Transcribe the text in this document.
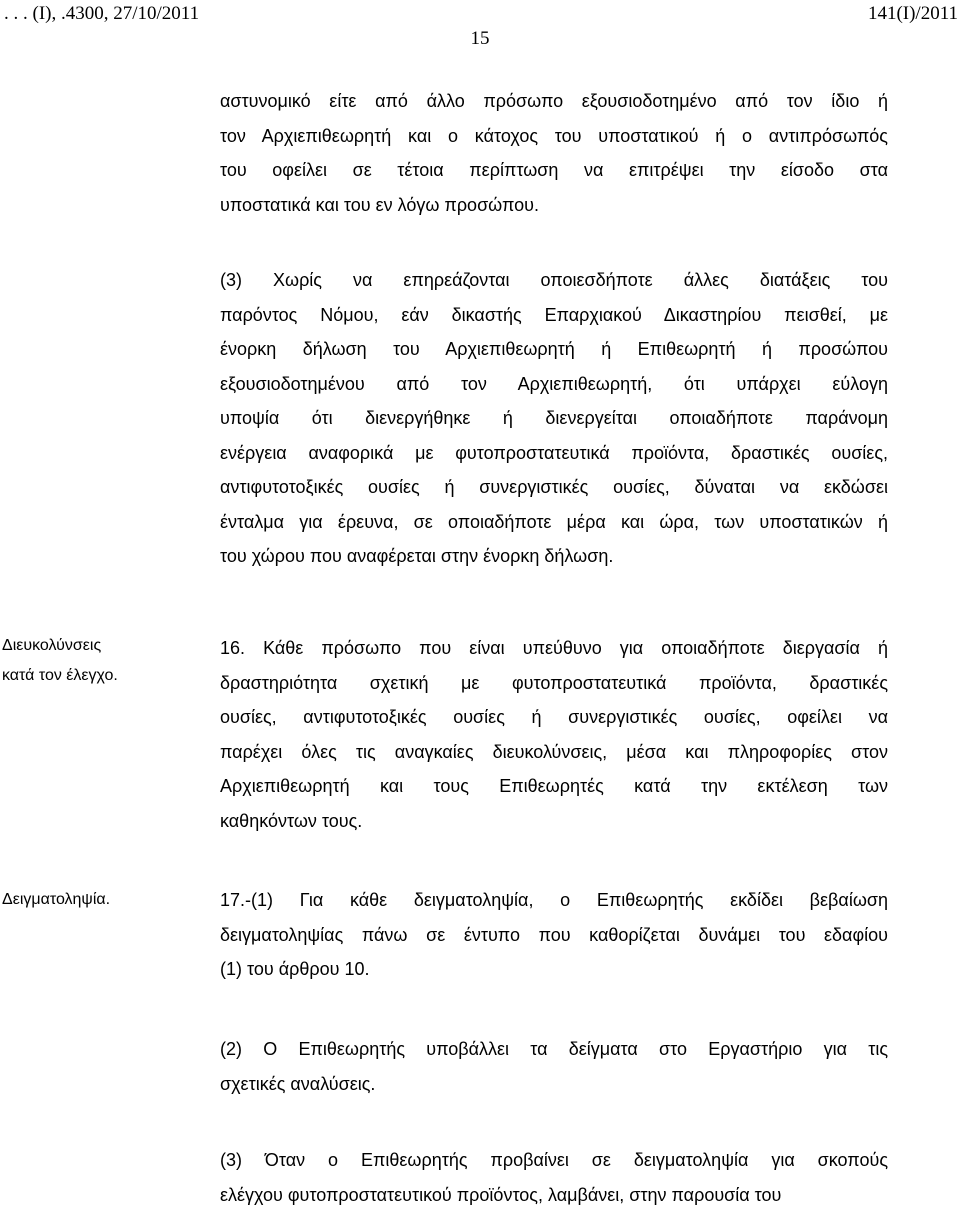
. . . (Ι), .4300, 27/10/2011	141(Ι)/2011
15
αστυνομικό είτε από άλλο πρόσωπο εξουσιοδοτημένο από τον ίδιο ή
τον Αρχιεπιθεωρητή και ο κάτοχος του υποστατικού ή ο αντιπρόσωπός
του οφείλει σε τέτοια περίπτωση να επιτρέψει την είσοδο στα
υποστατικά και του εν λόγω προσώπου.
(3) Χωρίς να επηρεάζονται οποιεσδήποτε άλλες διατάξεις του
παρόντος Νόμου, εάν δικαστής Επαρχιακού Δικαστηρίου πεισθεί, με
ένορκη δήλωση του Αρχιεπιθεωρητή ή Επιθεωρητή ή προσώπου
εξουσιοδοτημένου από τον Αρχιεπιθεωρητή, ότι υπάρχει εύλογη
υποψία ότι διενεργήθηκε ή διενεργείται οποιαδήποτε παράνομη
ενέργεια αναφορικά με φυτοπροστατευτικά προϊόντα, δραστικές ουσίες,
αντιφυτοτοξικές ουσίες ή συνεργιστικές ουσίες, δύναται να εκδώσει
ένταλμα για έρευνα, σε οποιαδήποτε μέρα και ώρα, των υποστατικών ή
του χώρου που αναφέρεται στην ένορκη δήλωση.
Διευκολύνσεις
κατά τον έλεγχο.
16. Κάθε πρόσωπο που είναι υπεύθυνο για οποιαδήποτε διεργασία ή
δραστηριότητα σχετική με φυτοπροστατευτικά προϊόντα, δραστικές
ουσίες, αντιφυτοτοξικές ουσίες ή συνεργιστικές ουσίες, οφείλει να
παρέχει όλες τις αναγκαίες διευκολύνσεις, μέσα και πληροφορίες στον
Αρχιεπιθεωρητή και τους Επιθεωρητές κατά την εκτέλεση των
καθηκόντων τους.
Δειγματοληψία.	17.-(1) Για κάθε δειγματοληψία, ο Επιθεωρητής εκδίδει βεβαίωση
δειγματοληψίας πάνω σε έντυπο που καθορίζεται δυνάμει του εδαφίου
(1) του άρθρου 10.
(2) Ο Επιθεωρητής υποβάλλει τα δείγματα στο Εργαστήριο για τις
σχετικές αναλύσεις.
(3) Όταν ο Επιθεωρητής προβαίνει σε δειγματοληψία για σκοπούς
ελέγχου φυτοπροστατευτικού προϊόντος, λαμβάνει, στην παρουσία του
